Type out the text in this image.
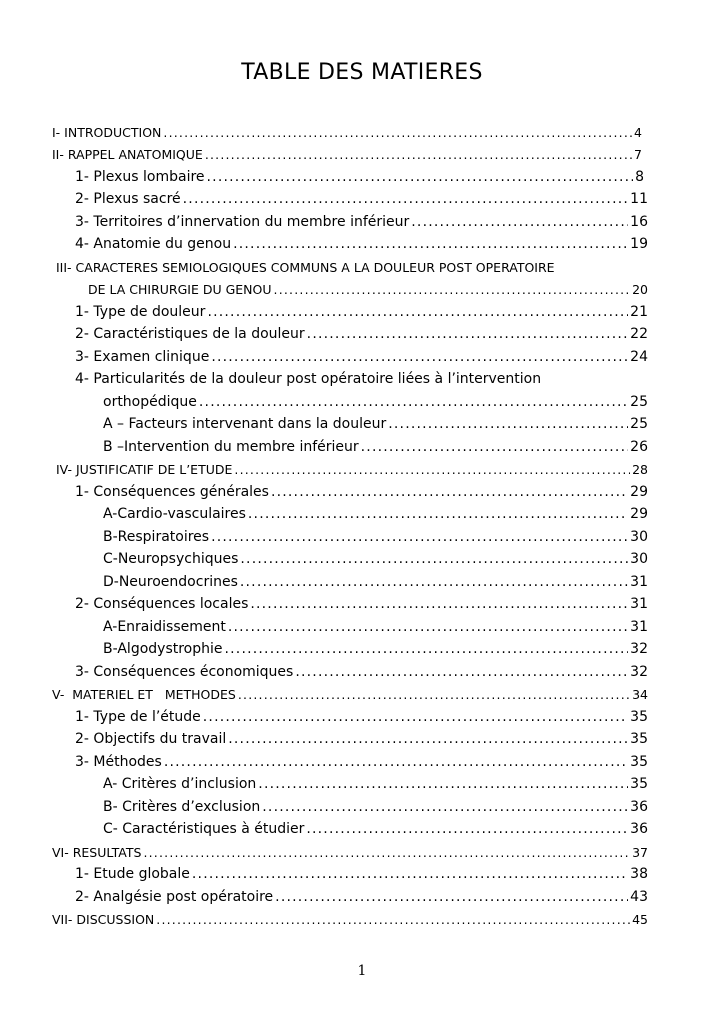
TABLE DES MATIERES
I- INTRODUCTION .....	4
II- RAPPEL ANATOMIQUE .....	7
1- Plexus lombaire .....	8
2- Plexus sacré .....	11
3- Territoires d’innervation du membre inférieur .....	16
4- Anatomie du genou .....	19
III- CARACTERES SEMIOLOGIQUES COMMUNS A LA DOULEUR POST OPERATOIRE
DE LA CHIRURGIE DU GENOU .....	20
1- Type de douleur .....	21
2- Caractéristiques de la douleur .....	22
3- Examen clinique .....	24
4- Particularités de la douleur post opératoire liées à l’intervention
orthopédique .....	25
A – Facteurs intervenant dans la douleur .....	25
B –Intervention du membre inférieur .....	26
IV- JUSTIFICATIF DE L’ETUDE .....	28
1- Conséquences générales .....	29
A-Cardio-vasculaires .....	29
B-Respiratoires .....	30
C-Neuropsychiques .....	30
D-Neuroendocrines .....	31
2- Conséquences locales .....	31
A-Enraidissement .....	31
B-Algodystrophie .....	32
3- Conséquences économiques .....	32
V-  MATERIEL ET   METHODES .....	34
1- Type de l’étude .....	35
2- Objectifs du travail .....	35
3- Méthodes .....	35
A- Critères d’inclusion .....	35
B- Critères d’exclusion .....	36
C- Caractéristiques à étudier .....	36
VI- RESULTATS .....	37
1- Etude globale .....	38
2- Analgésie post opératoire .....	43
VII- DISCUSSION .....	45
1
